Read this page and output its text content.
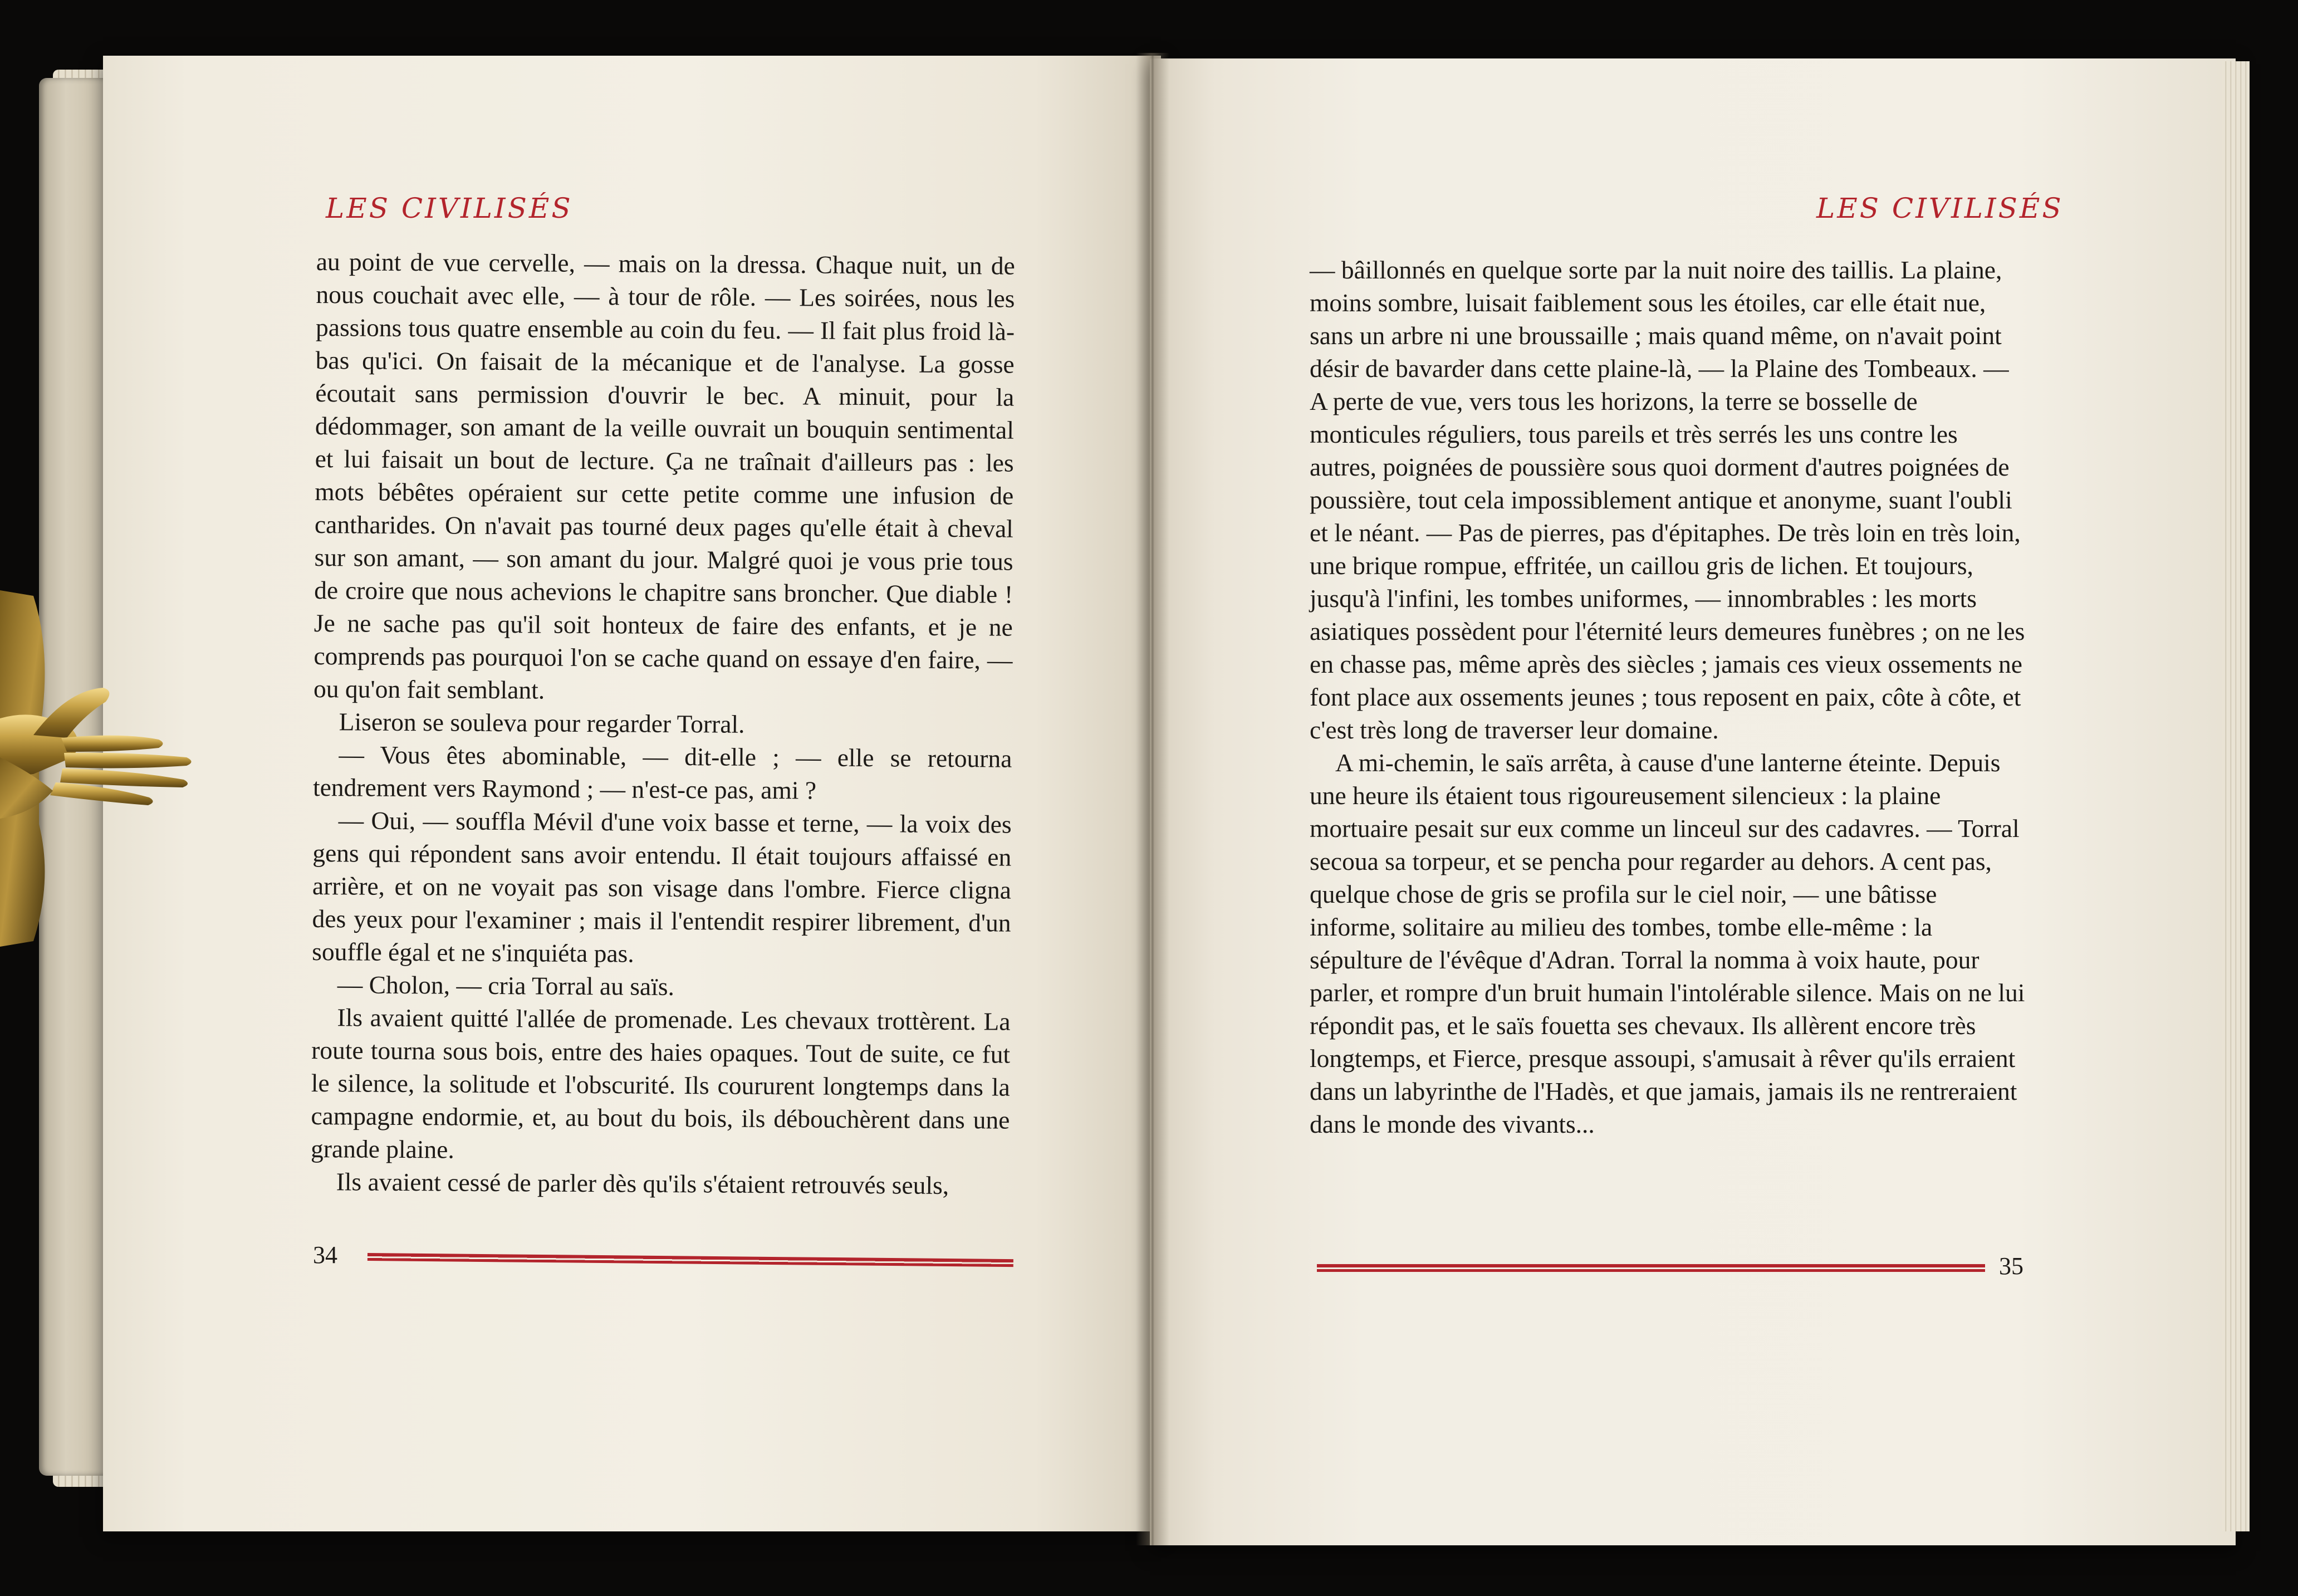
LES CIVILISÉS

au point de vue cervelle, — mais on la dressa. Chaque nuit, un de nous couchait avec elle, — à tour de rôle. — Les soirées, nous les passions tous quatre ensemble au coin du feu. — Il fait plus froid là-bas qu'ici. On faisait de la mécanique et de l'analyse. La gosse écoutait sans permission d'ouvrir le bec. A minuit, pour la dédommager, son amant de la veille ouvrait un bouquin sentimental et lui faisait un bout de lecture. Ça ne traînait d'ailleurs pas : les mots bébêtes opéraient sur cette petite comme une infusion de cantharides. On n'avait pas tourné deux pages qu'elle était à cheval sur son amant, — son amant du jour. Malgré quoi je vous prie tous de croire que nous achevions le chapitre sans broncher. Que diable ! Je ne sache pas qu'il soit honteux de faire des enfants, et je ne comprends pas pourquoi l'on se cache quand on essaye d'en faire, — ou qu'on fait semblant.

Liseron se souleva pour regarder Torral.

— Vous êtes abominable, — dit-elle ; — elle se retourna tendrement vers Raymond ; — n'est-ce pas, ami ?

— Oui, — souffla Mévil d'une voix basse et terne, — la voix des gens qui répondent sans avoir entendu. Il était toujours affaissé en arrière, et on ne voyait pas son visage dans l'ombre. Fierce cligna des yeux pour l'examiner ; mais il l'entendit respirer librement, d'un souffle égal et ne s'inquiéta pas.

— Cholon, — cria Torral au saïs.

Ils avaient quitté l'allée de promenade. Les chevaux trottèrent. La route tourna sous bois, entre des haies opaques. Tout de suite, ce fut le silence, la solitude et l'obscurité. Ils coururent longtemps dans la campagne endormie, et, au bout du bois, ils débouchèrent dans une grande plaine.

Ils avaient cessé de parler dès qu'ils s'étaient retrouvés seuls,

34
LES CIVILISÉS

— bâillonnés en quelque sorte par la nuit noire des taillis. La plaine, moins sombre, luisait faiblement sous les étoiles, car elle était nue, sans un arbre ni une broussaille ; mais quand même, on n'avait point désir de bavarder dans cette plaine-là, — la Plaine des Tombeaux. — A perte de vue, vers tous les horizons, la terre se bosselle de monticules réguliers, tous pareils et très serrés les uns contre les autres, poignées de poussière sous quoi dorment d'autres poignées de poussière, tout cela impossiblement antique et anonyme, suant l'oubli et le néant. — Pas de pierres, pas d'épitaphes. De très loin en très loin, une brique rompue, effritée, un caillou gris de lichen. Et toujours, jusqu'à l'infini, les tombes uniformes, — innombrables : les morts asiatiques possèdent pour l'éternité leurs demeures funèbres ; on ne les en chasse pas, même après des siècles ; jamais ces vieux ossements ne font place aux ossements jeunes ; tous reposent en paix, côte à côte, et c'est très long de traverser leur domaine.

A mi-chemin, le saïs arrêta, à cause d'une lanterne éteinte. Depuis une heure ils étaient tous rigoureusement silencieux : la plaine mortuaire pesait sur eux comme un linceul sur des cadavres. — Torral secoua sa torpeur, et se pencha pour regarder au dehors. A cent pas, quelque chose de gris se profila sur le ciel noir, — une bâtisse informe, solitaire au milieu des tombes, tombe elle-même : la sépulture de l'évêque d'Adran. Torral la nomma à voix haute, pour parler, et rompre d'un bruit humain l'intolérable silence. Mais on ne lui répondit pas, et le saïs fouetta ses chevaux. Ils allèrent encore très longtemps, et Fierce, presque assoupi, s'amusait à rêver qu'ils erraient dans un labyrinthe de l'Hadès, et que jamais, jamais ils ne rentreraient dans le monde des vivants...

35
